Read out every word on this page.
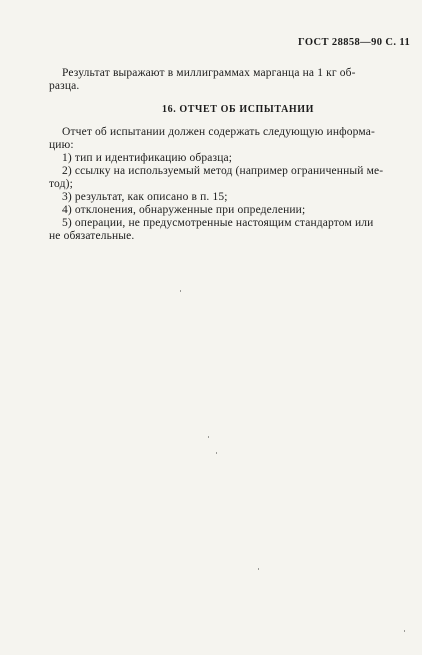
ГОСТ 28858—90 С. 11
Результат выражают в миллиграммах марганца на 1 кг об-
разца.
16. ОТЧЕТ ОБ ИСПЫТАНИИ
Отчет об испытании должен содержать следующую информа-
цию:
1) тип и идентификацию образца;
2) ссылку на используемый метод (например ограниченный ме-
тод);
3) результат, как описано в п. 15;
4) отклонения, обнаруженные при определении;
5) операции, не предусмотренные настоящим стандартом или
не обязательные.
